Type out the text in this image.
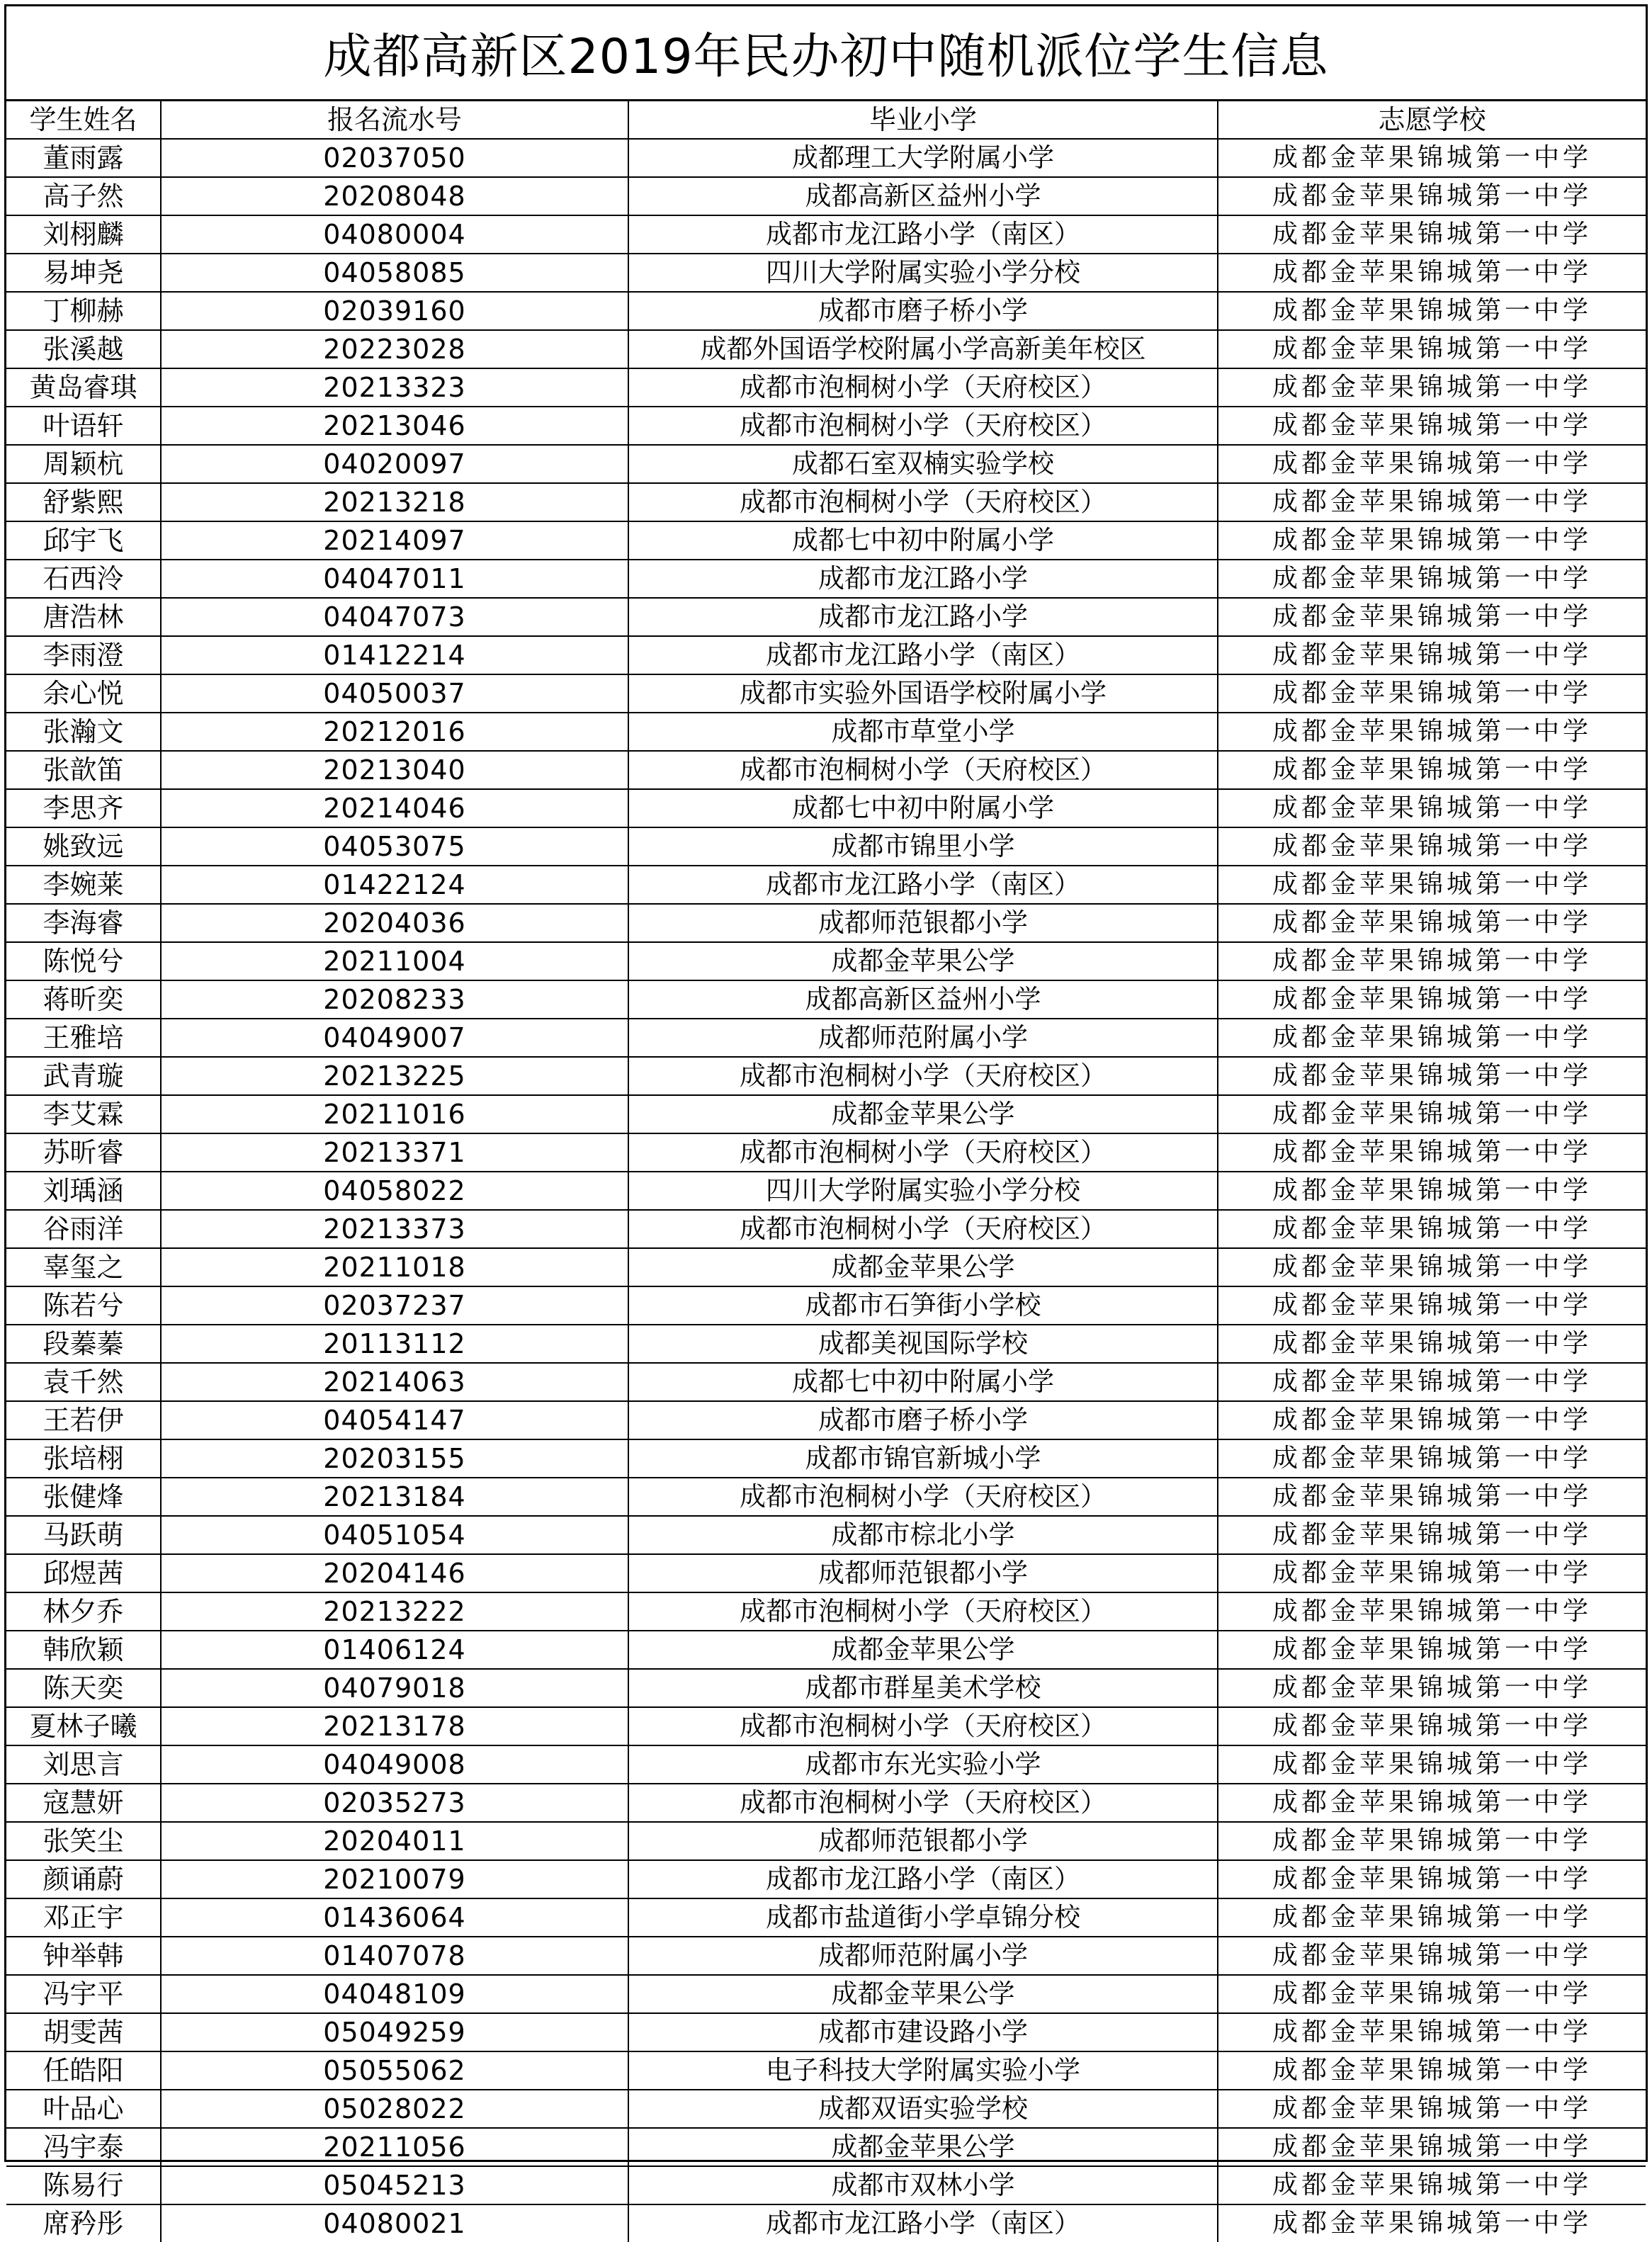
成都高新区2019年民办初中随机派位学生信息
学生姓名	报名流水号	毕业小学	志愿学校
董雨露	02037050	成都理工大学附属小学	成都金苹果锦城第一中学
高子然	20208048	成都高新区益州小学	成都金苹果锦城第一中学
刘栩麟	04080004	成都市龙江路小学（南区）	成都金苹果锦城第一中学
易坤尧	04058085	四川大学附属实验小学分校	成都金苹果锦城第一中学
丁柳赫	02039160	成都市磨子桥小学	成都金苹果锦城第一中学
张溪越	20223028	成都外国语学校附属小学高新美年校区	成都金苹果锦城第一中学
黄岛睿琪	20213323	成都市泡桐树小学（天府校区）	成都金苹果锦城第一中学
叶语轩	20213046	成都市泡桐树小学（天府校区）	成都金苹果锦城第一中学
周颖杭	04020097	成都石室双楠实验学校	成都金苹果锦城第一中学
舒紫熙	20213218	成都市泡桐树小学（天府校区）	成都金苹果锦城第一中学
邱宇飞	20214097	成都七中初中附属小学	成都金苹果锦城第一中学
石西泠	04047011	成都市龙江路小学	成都金苹果锦城第一中学
唐浩林	04047073	成都市龙江路小学	成都金苹果锦城第一中学
李雨澄	01412214	成都市龙江路小学（南区）	成都金苹果锦城第一中学
余心悦	04050037	成都市实验外国语学校附属小学	成都金苹果锦城第一中学
张瀚文	20212016	成都市草堂小学	成都金苹果锦城第一中学
张歆笛	20213040	成都市泡桐树小学（天府校区）	成都金苹果锦城第一中学
李思齐	20214046	成都七中初中附属小学	成都金苹果锦城第一中学
姚致远	04053075	成都市锦里小学	成都金苹果锦城第一中学
李婉莱	01422124	成都市龙江路小学（南区）	成都金苹果锦城第一中学
李海睿	20204036	成都师范银都小学	成都金苹果锦城第一中学
陈悦兮	20211004	成都金苹果公学	成都金苹果锦城第一中学
蒋昕奕	20208233	成都高新区益州小学	成都金苹果锦城第一中学
王雅培	04049007	成都师范附属小学	成都金苹果锦城第一中学
武青璇	20213225	成都市泡桐树小学（天府校区）	成都金苹果锦城第一中学
李艾霖	20211016	成都金苹果公学	成都金苹果锦城第一中学
苏昕睿	20213371	成都市泡桐树小学（天府校区）	成都金苹果锦城第一中学
刘瑀涵	04058022	四川大学附属实验小学分校	成都金苹果锦城第一中学
谷雨洋	20213373	成都市泡桐树小学（天府校区）	成都金苹果锦城第一中学
辜玺之	20211018	成都金苹果公学	成都金苹果锦城第一中学
陈若兮	02037237	成都市石笋街小学校	成都金苹果锦城第一中学
段蓁蓁	20113112	成都美视国际学校	成都金苹果锦城第一中学
袁千然	20214063	成都七中初中附属小学	成都金苹果锦城第一中学
王若伊	04054147	成都市磨子桥小学	成都金苹果锦城第一中学
张培栩	20203155	成都市锦官新城小学	成都金苹果锦城第一中学
张健烽	20213184	成都市泡桐树小学（天府校区）	成都金苹果锦城第一中学
马跃萌	04051054	成都市棕北小学	成都金苹果锦城第一中学
邱煜茜	20204146	成都师范银都小学	成都金苹果锦城第一中学
林夕乔	20213222	成都市泡桐树小学（天府校区）	成都金苹果锦城第一中学
韩欣颖	01406124	成都金苹果公学	成都金苹果锦城第一中学
陈天奕	04079018	成都市群星美术学校	成都金苹果锦城第一中学
夏林子曦	20213178	成都市泡桐树小学（天府校区）	成都金苹果锦城第一中学
刘思言	04049008	成都市东光实验小学	成都金苹果锦城第一中学
寇慧妍	02035273	成都市泡桐树小学（天府校区）	成都金苹果锦城第一中学
张笑尘	20204011	成都师范银都小学	成都金苹果锦城第一中学
颜诵蔚	20210079	成都市龙江路小学（南区）	成都金苹果锦城第一中学
邓正宇	01436064	成都市盐道街小学卓锦分校	成都金苹果锦城第一中学
钟举韩	01407078	成都师范附属小学	成都金苹果锦城第一中学
冯宇平	04048109	成都金苹果公学	成都金苹果锦城第一中学
胡雯茜	05049259	成都市建设路小学	成都金苹果锦城第一中学
任皓阳	05055062	电子科技大学附属实验小学	成都金苹果锦城第一中学
叶品心	05028022	成都双语实验学校	成都金苹果锦城第一中学
冯宇泰	20211056	成都金苹果公学	成都金苹果锦城第一中学
陈易行	05045213	成都市双林小学	成都金苹果锦城第一中学
席矜彤	04080021	成都市龙江路小学（南区）	成都金苹果锦城第一中学
